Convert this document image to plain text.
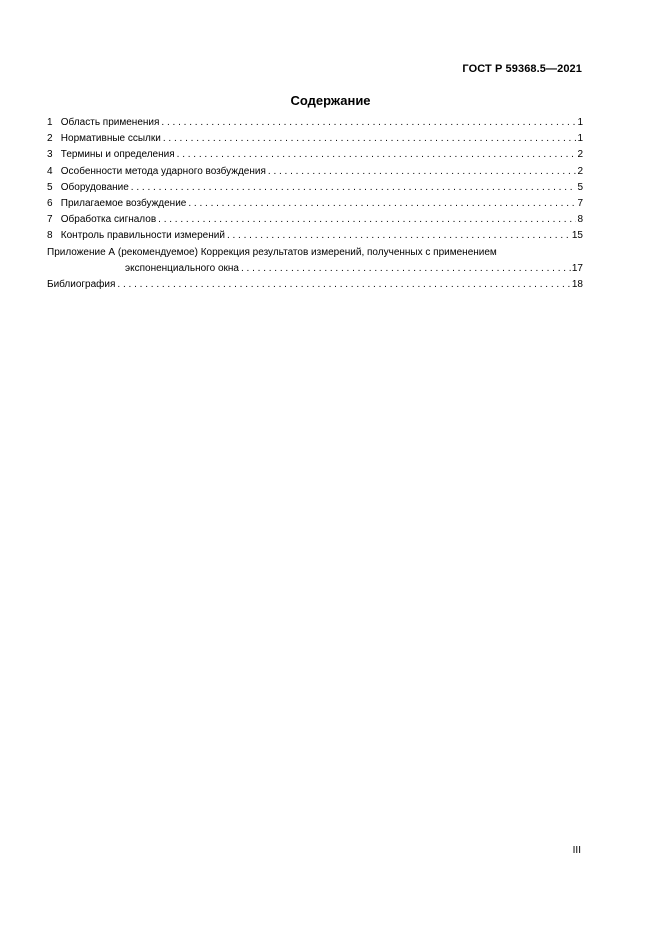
ГОСТ Р 59368.5—2021
Содержание
1 Область применения . . .	1
2 Нормативные ссылки . . .	1
3 Термины и определения . . .	2
4 Особенности метода ударного возбуждения . . .	2
5 Оборудование . . .	5
6 Прилагаемое возбуждение . . .	7
7 Обработка сигналов . . .	8
8 Контроль правильности измерений . . .	15
Приложение А (рекомендуемое) Коррекция результатов измерений, полученных с применением
экспоненциального окна . . .	17
Библиография . . .	18
III
